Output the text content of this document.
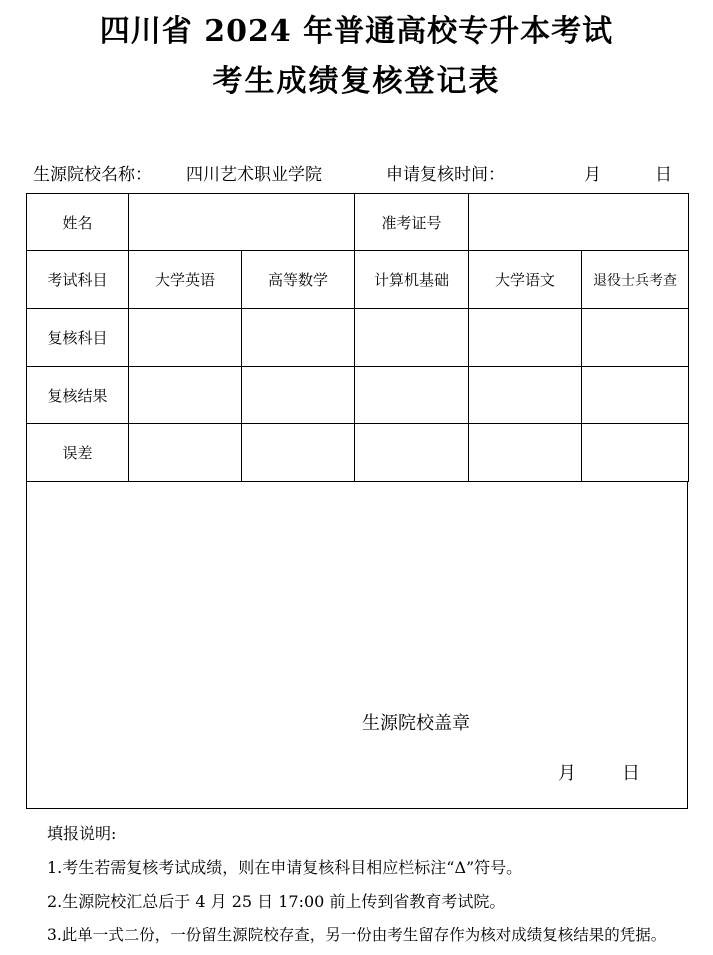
四川省 2024 年普通高校专升本考试
考生成绩复核登记表
生源院校名称： 四川艺术职业学院	申请复核时间：	月	日
姓名			准考证号		
考试科目	大学英语	高等数学	计算机基础	大学语文	退役士兵考查
复核科目					
复核结果					
误差					
生源院校盖章
月	日
填报说明:
1.考生若需复核考试成绩，则在申请复核科目相应栏标注“Δ”符号。
2.生源院校汇总后于 4 月 25 日 17:00 前上传到省教育考试院。
3.此单一式二份，一份留生源院校存查，另一份由考生留存作为核对成绩复核结果的凭据。
